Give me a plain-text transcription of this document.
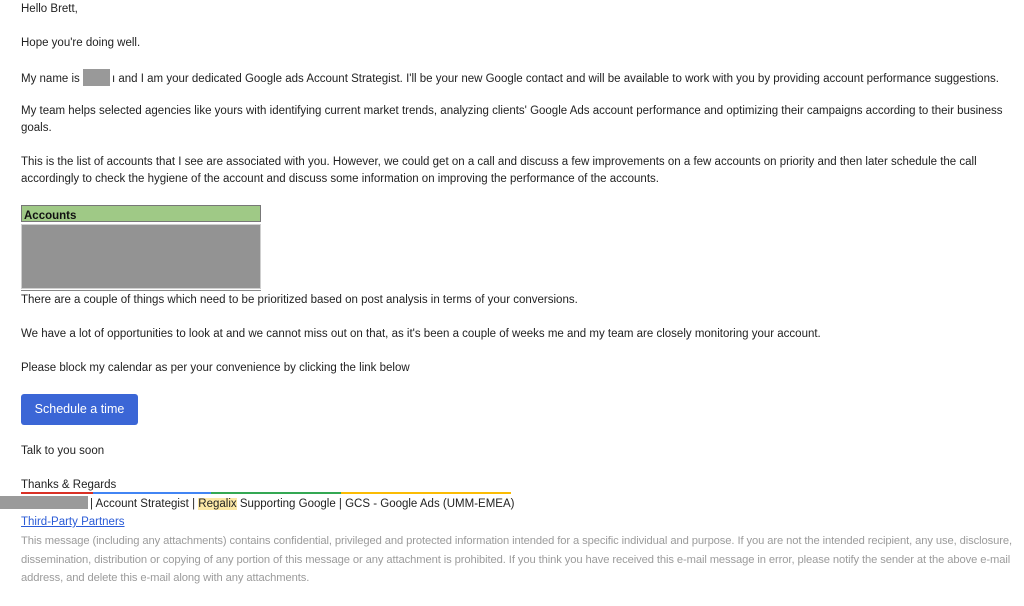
Hello Brett,
Hope you're doing well.
My name is	ı and I am your dedicated Google ads Account Strategist. I'll be your new Google contact and will be available to work with you by providing account performance suggestions.
My team helps selected agencies like yours with identifying current market trends, analyzing clients' Google Ads account performance and optimizing their campaigns according to their business goals.
This is the list of accounts that I see are associated with you. However, we could get on a call and discuss a few improvements on a few accounts on priority and then later schedule the call accordingly to check the hygiene of the account and discuss some information on improving the performance of the accounts.
Accounts
There are a couple of things which need to be prioritized based on post analysis in terms of your conversions.
We have a lot of opportunities to look at and we cannot miss out on that, as it's been a couple of weeks me and my team are closely monitoring your account.
Please block my calendar as per your convenience by clicking the link below
Schedule a time
Talk to you soon
Thanks & Regards
| Account Strategist | Regalix Supporting Google | GCS - Google Ads (UMM-EMEA)
Third-Party Partners
This message (including any attachments) contains confidential, privileged and protected information intended for a specific individual and purpose. If you are not the intended recipient, any use, disclosure, dissemination, distribution or copying of any portion of this message or any attachment is prohibited. If you think you have received this e-mail message in error, please notify the sender at the above e-mail address, and delete this e-mail along with any attachments.
